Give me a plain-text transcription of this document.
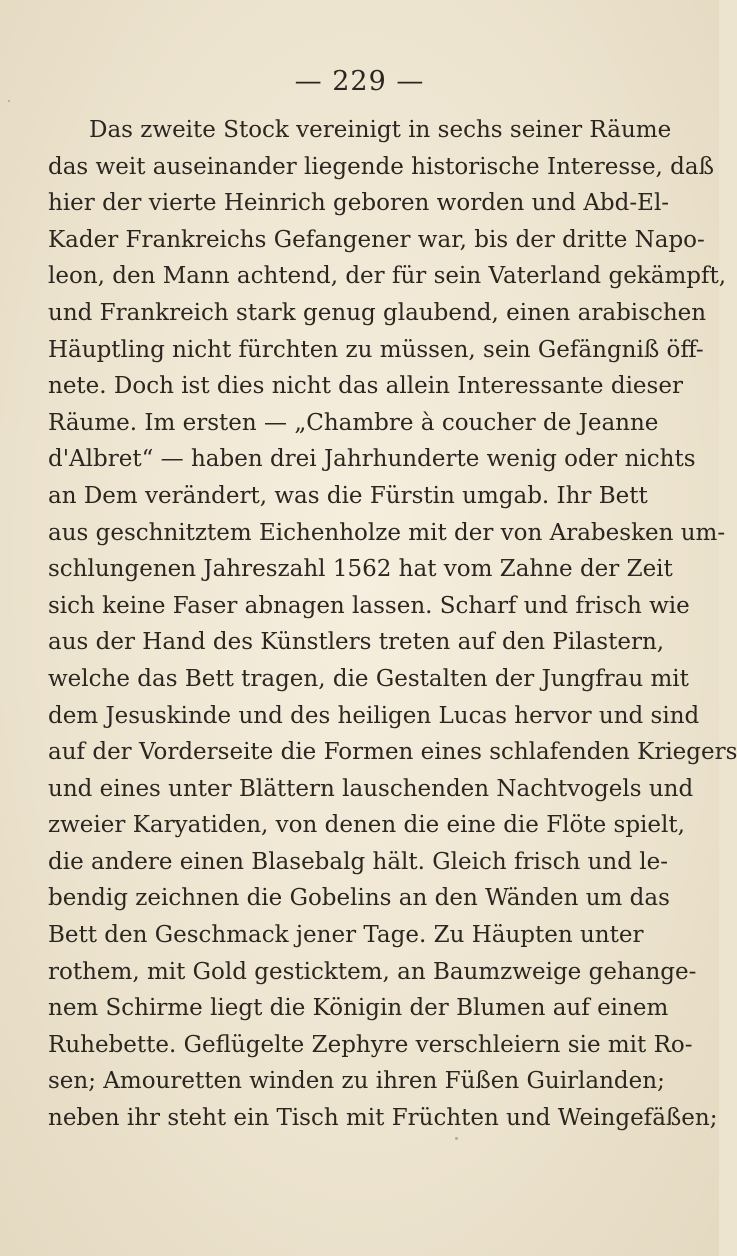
— 229 —
Das zweite Stock vereinigt in sechs seiner Räume
das weit auseinander liegende historische Interesse, daß
hier der vierte Heinrich geboren worden und Abd-El-
Kader Frankreichs Gefangener war, bis der dritte Napo-
leon, den Mann achtend, der für sein Vaterland gekämpft,
und Frankreich stark genug glaubend, einen arabischen
Häuptling nicht fürchten zu müssen, sein Gefängniß öff-
nete. Doch ist dies nicht das allein Interessante dieser
Räume. Im ersten — „Chambre à coucher de Jeanne
d'Albret“ — haben drei Jahrhunderte wenig oder nichts
an Dem verändert, was die Fürstin umgab. Ihr Bett
aus geschnitztem Eichenholze mit der von Arabesken um-
schlungenen Jahreszahl 1562 hat vom Zahne der Zeit
sich keine Faser abnagen lassen. Scharf und frisch wie
aus der Hand des Künstlers treten auf den Pilastern,
welche das Bett tragen, die Gestalten der Jungfrau mit
dem Jesuskinde und des heiligen Lucas hervor und sind
auf der Vorderseite die Formen eines schlafenden Kriegers
und eines unter Blättern lauschenden Nachtvogels und
zweier Karyatiden, von denen die eine die Flöte spielt,
die andere einen Blasebalg hält. Gleich frisch und le-
bendig zeichnen die Gobelins an den Wänden um das
Bett den Geschmack jener Tage. Zu Häupten unter
rothem, mit Gold gesticktem, an Baumzweige gehange-
nem Schirme liegt die Königin der Blumen auf einem
Ruhebette. Geflügelte Zephyre verschleiern sie mit Ro-
sen; Amouretten winden zu ihren Füßen Guirlanden;
neben ihr steht ein Tisch mit Früchten und Weingefäßen;
